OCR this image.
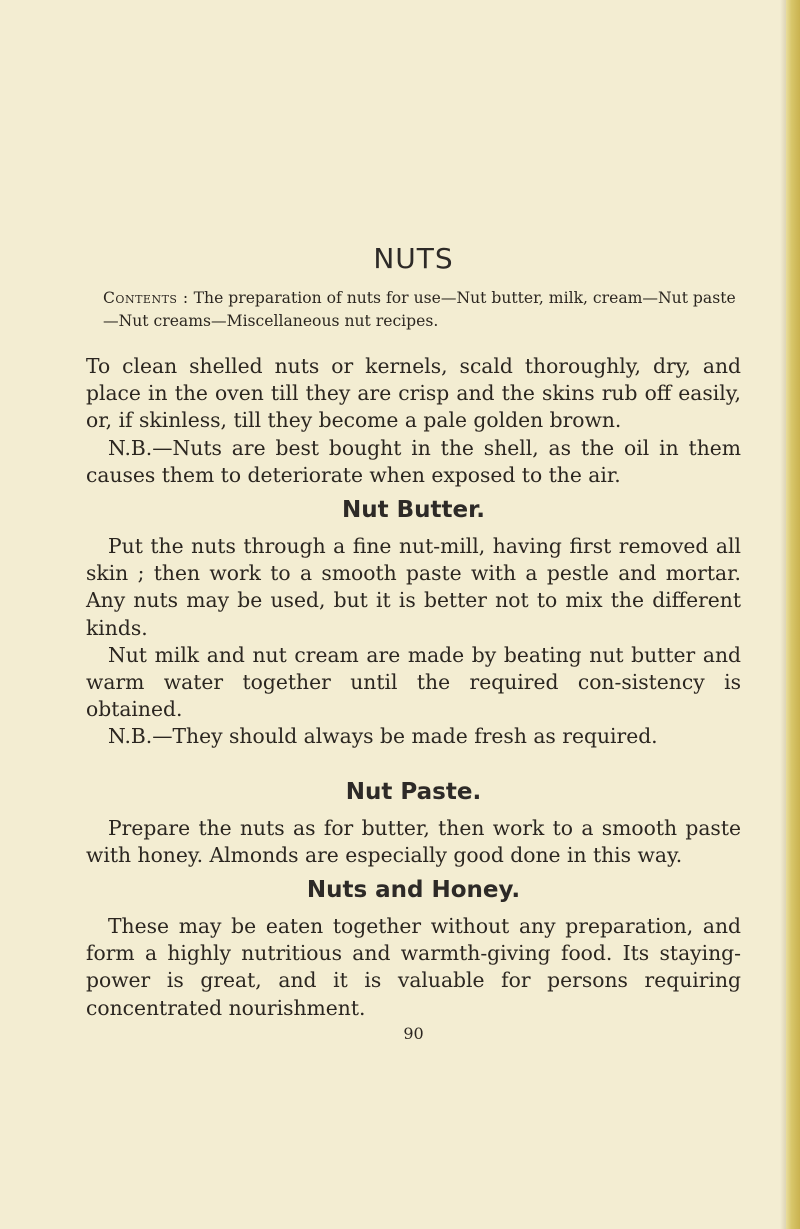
NUTS
Contents : The preparation of nuts for use—Nut butter, milk, cream—Nut paste—Nut creams—Miscellaneous nut recipes.

To clean shelled nuts or kernels, scald thoroughly, dry, and place in the oven till they are crisp and the skins rub off easily, or, if skinless, till they become a pale golden brown.

N.B.—Nuts are best bought in the shell, as the oil in them causes them to deteriorate when exposed to the air.

Nut Butter.

Put the nuts through a fine nut-mill, having first removed all skin ; then work to a smooth paste with a pestle and mortar. Any nuts may be used, but it is better not to mix the different kinds.

Nut milk and nut cream are made by beating nut butter and warm water together until the required con-sistency is obtained.

N.B.—They should always be made fresh as required.

Nut Paste.

Prepare the nuts as for butter, then work to a smooth paste with honey. Almonds are especially good done in this way.

Nuts and Honey.

These may be eaten together without any preparation, and form a highly nutritious and warmth-giving food. Its staying-power is great, and it is valuable for persons requiring concentrated nourishment.

90
